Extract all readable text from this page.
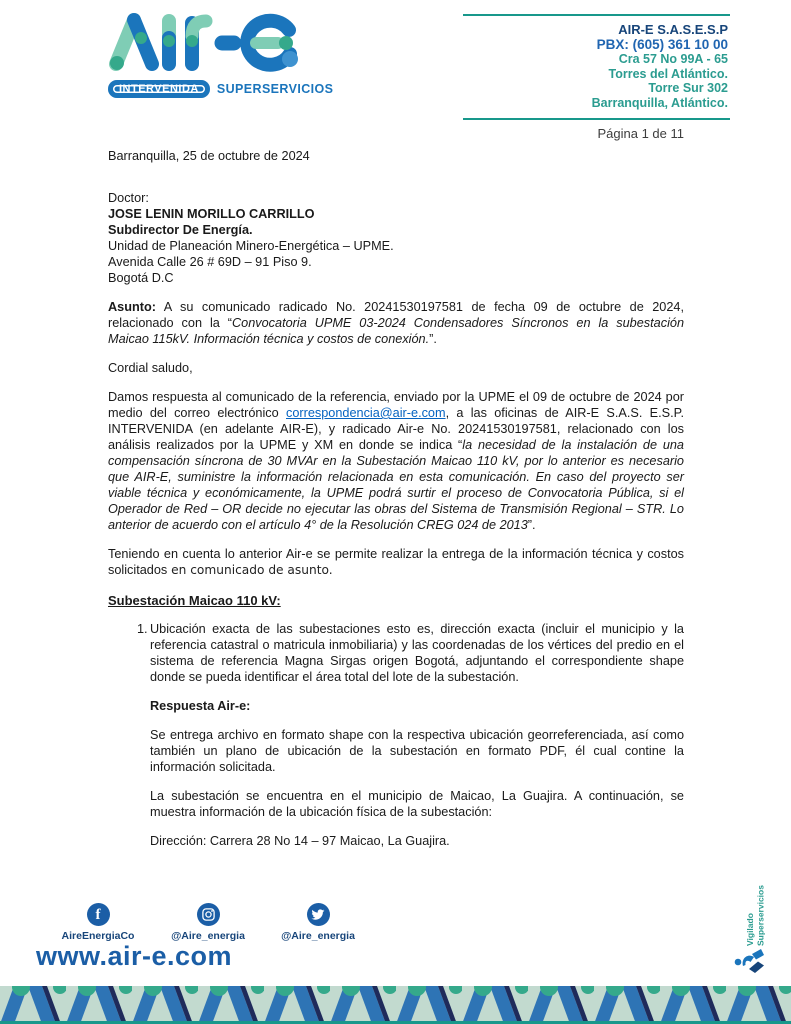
INTERVENIDA	SUPERSERVICIOS
AIR-E S.A.S.E.S.P
PBX: (605) 361 10 00
Cra 57 No 99A - 65
Torres del Atlántico.
Torre Sur 302
Barranquilla, Atlántico.
Página 1 de 11
Barranquilla, 25 de octubre de 2024
Doctor:
JOSE LENIN MORILLO CARRILLO
Subdirector De Energía.
Unidad de Planeación Minero-Energética – UPME.
Avenida Calle 26 # 69D – 91 Piso 9.
Bogotá D.C

Asunto: A su comunicado radicado No. 20241530197581 de fecha 09 de octubre de 2024, relacionado con la “Convocatoria UPME 03-2024 Condensadores Síncronos en la subestación Maicao 115kV. Información técnica y costos de conexión.”.

Cordial saludo,

Damos respuesta al comunicado de la referencia, enviado por la UPME el 09 de octubre de 2024 por medio del correo electrónico correspondencia@air-e.com, a las oficinas de AIR-E S.A.S. E.S.P. INTERVENIDA (en adelante AIR-E), y radicado Air-e No. 20241530197581, relacionado con los análisis realizados por la UPME y XM en donde se indica “la necesidad de la instalación de una compensación síncrona de 30 MVAr en la Subestación Maicao 110 kV, por lo anterior es necesario que AIR-E, suministre la información relacionada en esta comunicación. En caso del proyecto ser viable técnica y económicamente, la UPME podrá surtir el proceso de Convocatoria Pública, si el Operador de Red – OR decide no ejecutar las obras del Sistema de Transmisión Regional – STR. Lo anterior de acuerdo con el artículo 4° de la Resolución CREG 024 de 2013”.

Teniendo en cuenta lo anterior Air-e se permite realizar la entrega de la información técnica y costos solicitados en comunicado de asunto.

Subestación Maicao 110 kV:
1. Ubicación exacta de las subestaciones esto es, dirección exacta (incluir el municipio y la referencia catastral o matricula inmobiliaria) y las coordenadas de los vértices del predio en el sistema de referencia Magna Sirgas origen Bogotá, adjuntando el correspondiente shape donde se pueda identificar el área total del lote de la subestación.
Respuesta Air-e:

Se entrega archivo en formato shape con la respectiva ubicación georreferenciada, así como también un plano de ubicación de la subestación en formato PDF, él cual contine la información solicitada.

La subestación se encuentra en el municipio de Maicao, La Guajira. A continuación, se muestra información de la ubicación física de la subestación:

Dirección: Carrera 28 No 14 – 97 Maicao, La Guajira.

f
AireEnergiaCo	@Aire_energia	@Aire_energia
www.air-e.com
Vigilado Superservicios
